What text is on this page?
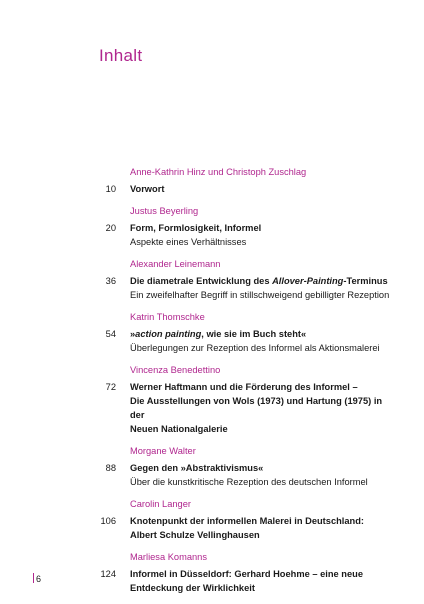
Inhalt
Anne-Kathrin Hinz und Christoph Zuschlag
10 Vorwort
Justus Beyerling
20 Form, Formlosigkeit, Informel
Aspekte eines Verhältnisses
Alexander Leinemann
36 Die diametrale Entwicklung des Allover-Painting-Terminus
Ein zweifelhafter Begriff in stillschweigend gebilligter Rezeption
Katrin Thomschke
54 »action painting, wie sie im Buch steht«
Überlegungen zur Rezeption des Informel als Aktionsmalerei
Vincenza Benedettino
72 Werner Haftmann und die Förderung des Informel –
Die Ausstellungen von Wols (1973) und Hartung (1975) in der
Neuen Nationalgalerie
Morgane Walter
88 Gegen den »Abstraktivismus«
Über die kunstkritische Rezeption des deutschen Informel
Carolin Langer
106 Knotenpunkt der informellen Malerei in Deutschland:
Albert Schulze Vellinghausen
Marliesa Komanns
124 Informel in Düsseldorf: Gerhard Hoehme – eine neue
Entdeckung der Wirklichkeit
6
